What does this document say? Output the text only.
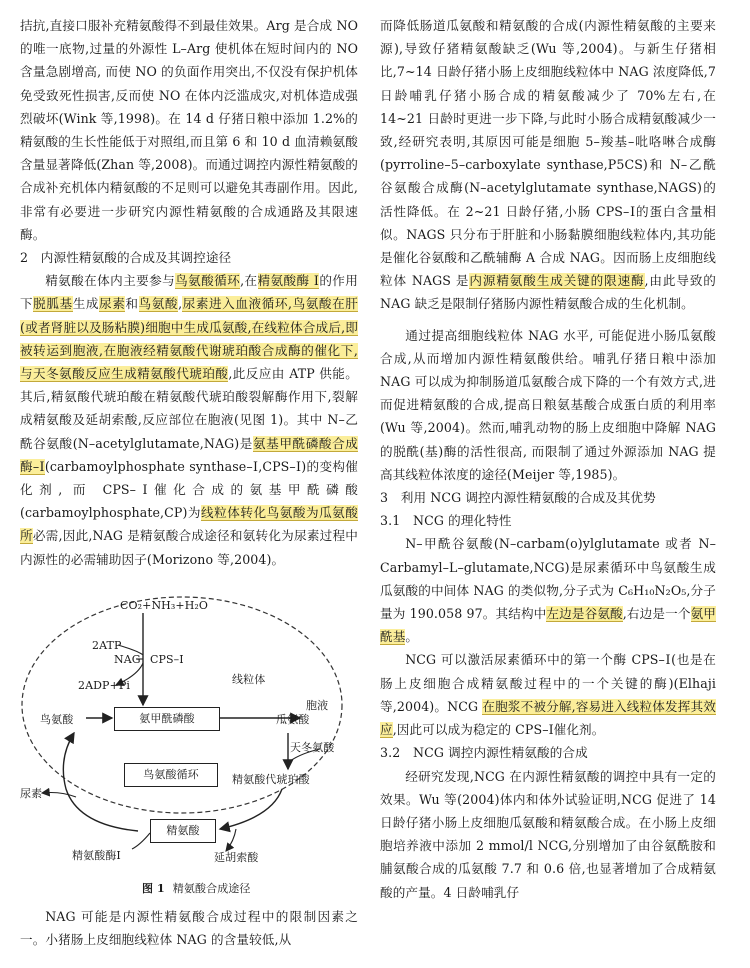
拮抗,直接口服补充精氨酸得不到最佳效果。Arg 是合成 NO 的唯一底物,过量的外源性 L–Arg 使机体在短时间内的 NO 含量急剧增高, 而使 NO 的负面作用突出,不仅没有保护机体免受致死性损害,反而使 NO 在体内泛滥成灾,对机体造成强烈破坏(Wink 等,1998)。在 14 d 仔猪日粮中添加 1.2%的精氨酸的生长性能低于对照组,而且第 6 和 10 d 血清赖氨酸含量显著降低(Zhan 等,2008)。而通过调控内源性精氨酸的合成补充机体内精氨酸的不足则可以避免其毒副作用。因此,非常有必要进一步研究内源性精氨酸的合成通路及其限速酶。

2　内源性精氨酸的合成及其调控途径

精氨酸在体内主要参与鸟氨酸循环,在精氨酸酶 Ⅰ的作用下脱胍基生成尿素和鸟氨酸,尿素进入血液循环,鸟氨酸在肝(或者肾脏以及肠粘膜)细胞中生成瓜氨酸,在线粒体合成后,即被转运到胞液,在胞液经精氨酸代谢琥珀酸合成酶的催化下,与天冬氨酸反应生成精氨酸代琥珀酸,此反应由 ATP 供能。其后,精氨酸代琥珀酸在精氨酸代琥珀酸裂解酶作用下,裂解成精氨酸及延胡索酸,反应部位在胞液(见图 1)。其中 N–乙酰谷氨酸(N–acetylglutamate,NAG)是氨基甲酰磷酸合成酶–Ⅰ(carbamoylphosphate synthase–Ⅰ,CPS–Ⅰ)的变构催化剂, 而 CPS–Ⅰ催化合成的氨基甲酰磷酸(carbamoylphosphate,CP)为线粒体转化鸟氨酸为瓜氨酸所必需,因此,NAG 是精氨酸合成途径和氨转化为尿素过程中内源性的必需辅助因子(Morizono 等,2004)。

CO₂+NH₃+H₂O
2ATP
NAG CPS–Ⅰ
2ADP+Pi	线粒体
胞液
氨甲酰磷酸
鸟氨酸	瓜氨酸
天冬氨酸
鸟氨酸循环	精氨酸代琥珀酸
尿素
精氨酸
精氨酸酶Ⅰ	延胡索酸
图 1 精氨酸合成途径

NAG 可能是内源性精氨酸合成过程中的限制因素之一。小猪肠上皮细胞线粒体 NAG 的含量较低,从

而降低肠道瓜氨酸和精氨酸的合成(内源性精氨酸的主要来源),导致仔猪精氨酸缺乏(Wu 等,2004)。与新生仔猪相比,7~14 日龄仔猪小肠上皮细胞线粒体中 NAG 浓度降低,7 日龄哺乳仔猪小肠合成的精氨酸减少了 70%左右,在 14~21 日龄时更进一步下降,与此时小肠合成精氨酸减少一致,经研究表明,其原因可能是细胞 5–羧基–吡咯啉合成酶 (pyrroline–5–carboxylate synthase,P5CS)和 N–乙酰谷氨酸合成酶(N–acetylglutamate synthase,NAGS)的活性降低。在 2~21 日龄仔猪,小肠 CPS–Ⅰ的蛋白含量相似。NAGS 只分布于肝脏和小肠黏膜细胞线粒体内,其功能是催化谷氨酸和乙酰辅酶 A 合成 NAG。因而肠上皮细胞线粒体 NAGS 是内源精氨酸生成关键的限速酶,由此导致的 NAG 缺乏是限制仔猪肠内源性精氨酸合成的生化机制。

通过提高细胞线粒体 NAG 水平, 可能促进小肠瓜氨酸合成,从而增加内源性精氨酸供给。哺乳仔猪日粮中添加 NAG 可以成为抑制肠道瓜氨酸合成下降的一个有效方式,进而促进精氨酸的合成,提高日粮氨基酸合成蛋白质的利用率(Wu 等,2004)。然而,哺乳动物的肠上皮细胞中降解 NAG 的脱酰(基)酶的活性很高, 而限制了通过外源添加 NAG 提高其线粒体浓度的途径(Meijer 等,1985)。

3　利用 NCG 调控内源性精氨酸的合成及其优势

3.1　NCG 的理化特性

N–甲酰谷氨酸(N–carbam(o)ylglutamate 或者 N–Carbamyl–L–glutamate,NCG)是尿素循环中鸟氨酸生成瓜氨酸的中间体 NAG 的类似物,分子式为 C₆H₁₀N₂O₅,分子量为 190.058 97。其结构中左边是谷氨酸,右边是一个氨甲酰基。

NCG 可以激活尿素循环中的第一个酶 CPS–Ⅰ(也是在肠上皮细胞合成精氨酸过程中的一个关键的酶)(Elhaji 等,2004)。NCG 在胞浆不被分解,容易进入线粒体发挥其效应,因此可以成为稳定的 CPS–Ⅰ催化剂。

3.2　NCG 调控内源性精氨酸的合成

经研究发现,NCG 在内源性精氨酸的调控中具有一定的效果。Wu 等(2004)体内和体外试验证明,NCG 促进了 14 日龄仔猪小肠上皮细胞瓜氨酸和精氨酸合成。在小肠上皮细胞培养液中添加 2 mmol/l NCG,分别增加了由谷氨酰胺和脯氨酸合成的瓜氨酸 7.7 和 0.6 倍,也显著增加了合成精氨酸的产量。4 日龄哺乳仔
